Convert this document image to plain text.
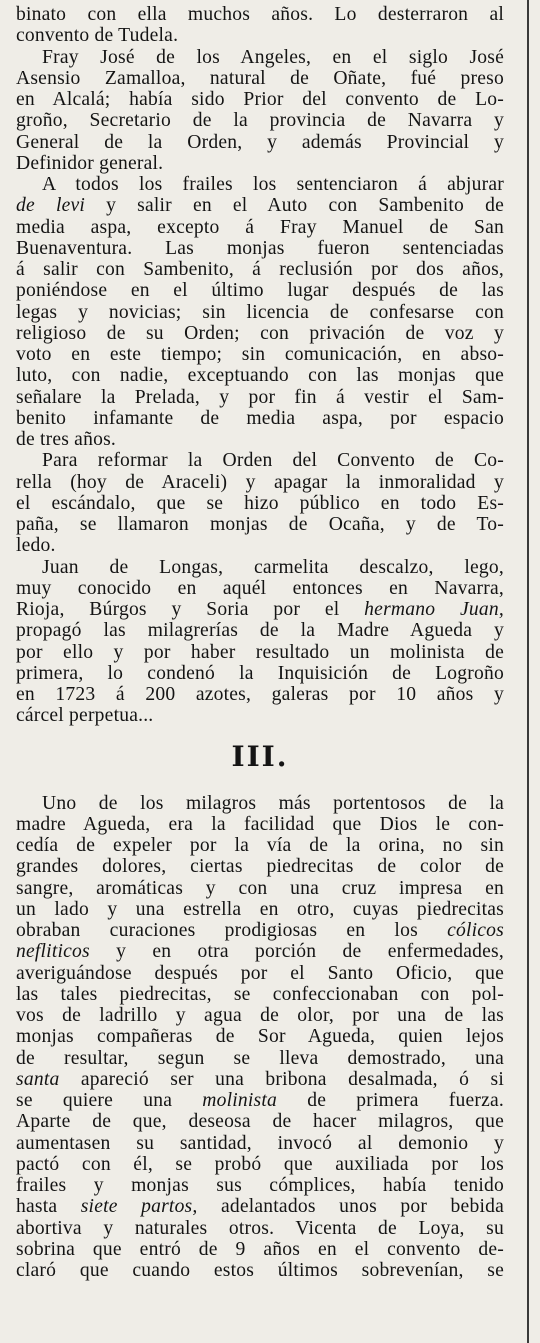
binato con ella muchos años. Lo desterraron al
convento de Tudela.
Fray José de los Angeles, en el siglo José
Asensio Zamalloa, natural de Oñate, fué preso
en Alcalá; había sido Prior del convento de Lo-
groño, Secretario de la provincia de Navarra y
General de la Orden, y además Provincial y
Definidor general.
A todos los frailes los sentenciaron á abjurar
de levi y salir en el Auto con Sambenito de
media aspa, excepto á Fray Manuel de San
Buenaventura. Las monjas fueron sentenciadas
á salir con Sambenito, á reclusión por dos años,
poniéndose en el último lugar después de las
legas y novicias; sin licencia de confesarse con
religioso de su Orden; con privación de voz y
voto en este tiempo; sin comunicación, en abso-
luto, con nadie, exceptuando con las monjas que
señalare la Prelada, y por fin á vestir el Sam-
benito infamante de media aspa, por espacio
de tres años.
Para reformar la Orden del Convento de Co-
rella (hoy de Araceli) y apagar la inmoralidad y
el escándalo, que se hizo público en todo Es-
paña, se llamaron monjas de Ocaña, y de To-
ledo.
Juan de Longas, carmelita descalzo, lego,
muy conocido en aquél entonces en Navarra,
Rioja, Búrgos y Soria por el hermano Juan,
propagó las milagrerías de la Madre Agueda y
por ello y por haber resultado un molinista de
primera, lo condenó la Inquisición de Logroño
en 1723 á 200 azotes, galeras por 10 años y
cárcel perpetua...
III.
Uno de los milagros más portentosos de la
madre Agueda, era la facilidad que Dios le con-
cedía de expeler por la vía de la orina, no sin
grandes dolores, ciertas piedrecitas de color de
sangre, aromáticas y con una cruz impresa en
un lado y una estrella en otro, cuyas piedrecitas
obraban curaciones prodigiosas en los cólicos
nefliticos y en otra porción de enfermedades,
averiguándose después por el Santo Oficio, que
las tales piedrecitas, se confeccionaban con pol-
vos de ladrillo y agua de olor, por una de las
monjas compañeras de Sor Agueda, quien lejos
de resultar, segun se lleva demostrado, una
santa apareció ser una bribona desalmada, ó si
se quiere una molinista de primera fuerza.
Aparte de que, deseosa de hacer milagros, que
aumentasen su santidad, invocó al demonio y
pactó con él, se probó que auxiliada por los
frailes y monjas sus cómplices, había tenido
hasta siete partos, adelantados unos por bebida
abortiva y naturales otros. Vicenta de Loya, su
sobrina que entró de 9 años en el convento de-
claró que cuando estos últimos sobrevenían, se
